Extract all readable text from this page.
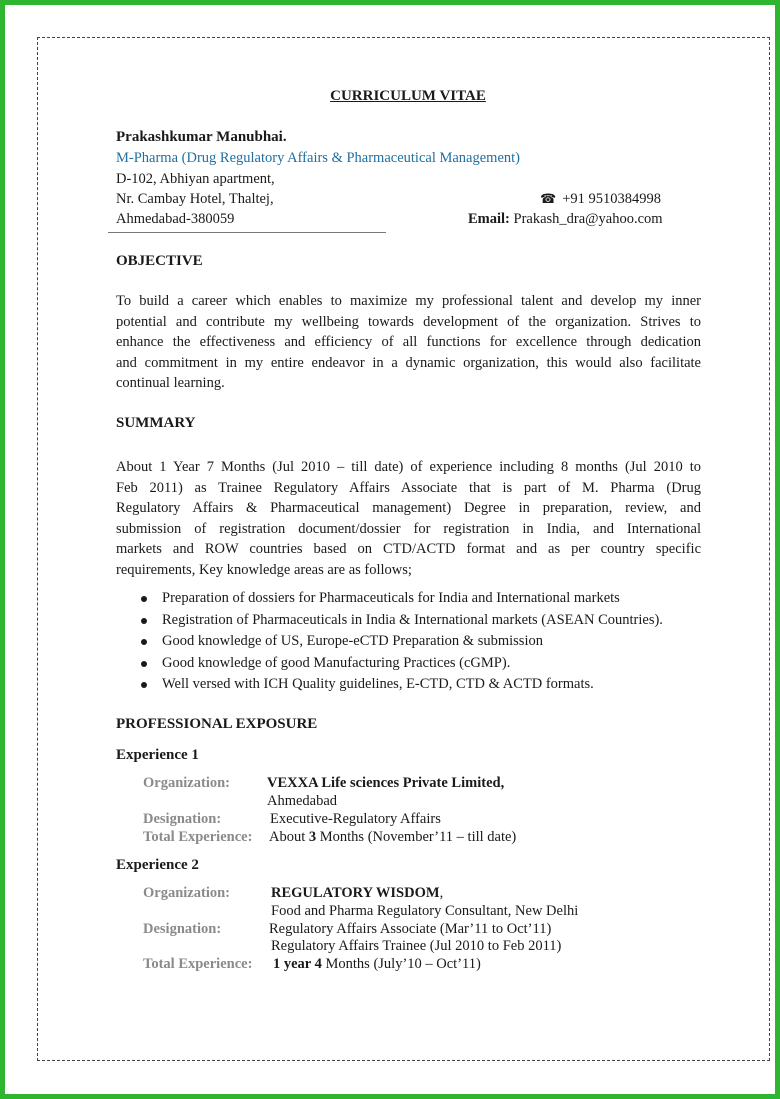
CURRICULUM VITAE
Prakashkumar Manubhai.
M-Pharma (Drug Regulatory Affairs & Pharmaceutical Management)
D-102, Abhiyan apartment,
Nr. Cambay Hotel, Thaltej,
Ahmedabad-380059
☎ +91 9510384998
Email: Prakash_dra@yahoo.com
OBJECTIVE
To build a career which enables to maximize my professional talent and develop my inner
potential and contribute my wellbeing towards development of the organization. Strives to
enhance the effectiveness and efficiency of all functions for excellence through dedication
and commitment in my entire endeavor in a dynamic organization, this would also facilitate
continual learning.
SUMMARY
About 1 Year 7 Months (Jul 2010 – till date) of experience including 8 months (Jul 2010 to
Feb 2011) as Trainee Regulatory Affairs Associate that is part of M. Pharma (Drug
Regulatory Affairs & Pharmaceutical management) Degree in preparation, review, and
submission of registration document/dossier for registration in India, and International
markets and ROW countries based on CTD/ACTD format and as per country specific
requirements, Key knowledge areas are as follows;
Preparation of dossiers for Pharmaceuticals for India and International markets
Registration of Pharmaceuticals in India & International markets (ASEAN Countries).
Good knowledge of US, Europe-eCTD Preparation & submission
Good knowledge of good Manufacturing Practices (cGMP).
Well versed with ICH Quality guidelines, E-CTD, CTD & ACTD formats.
PROFESSIONAL EXPOSURE
Experience 1
Organization:	VEXXA Life sciences Private Limited,
Ahmedabad
Designation:	Executive-Regulatory Affairs
Total Experience: About 3 Months (November’11 – till date)
Experience 2
Organization:	REGULATORY WISDOM,
Food and Pharma Regulatory Consultant, New Delhi
Designation:	Regulatory Affairs Associate (Mar’11 to Oct’11)
Regulatory Affairs Trainee (Jul 2010 to Feb 2011)
Total Experience: 1 year 4 Months (July’10 – Oct’11)
